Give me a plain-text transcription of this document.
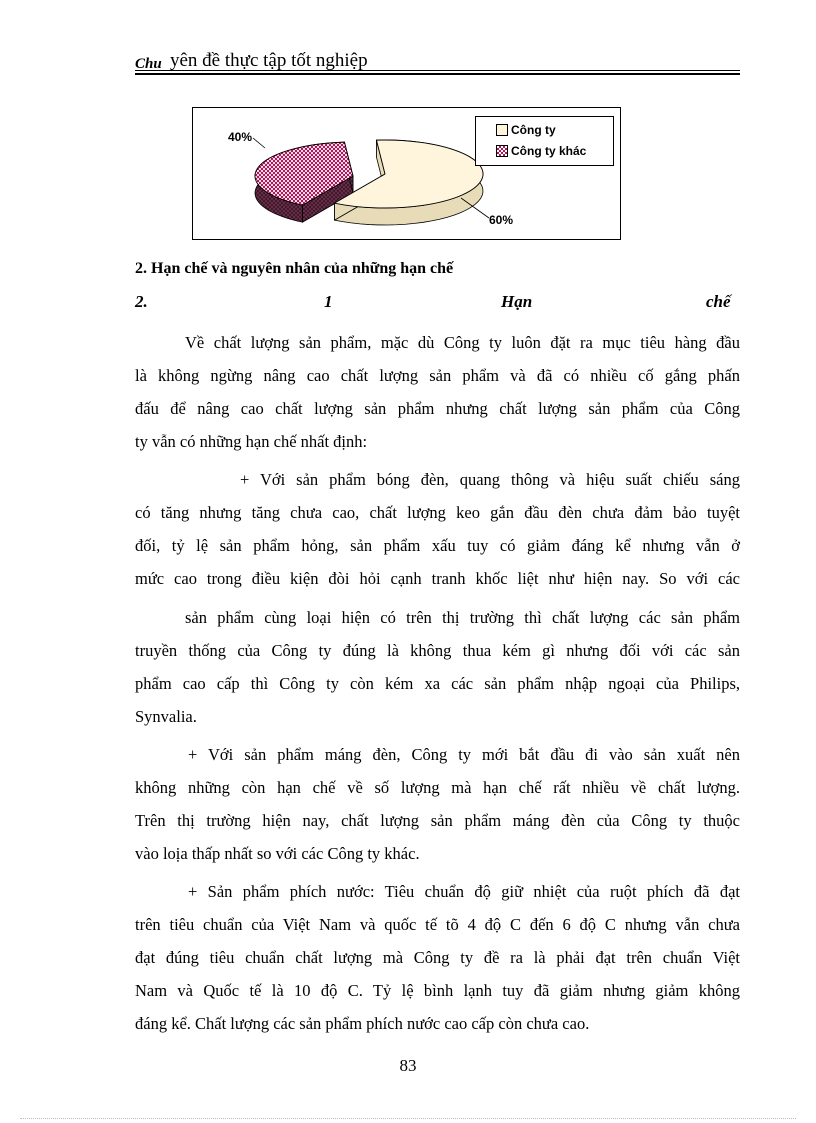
Chu yên đề thực tập tốt nghiệp
Công ty
Công ty khác
40%
60%
2. Hạn chế và nguyên nhân của những hạn chế
2.	1	Hạn	chế
Về chất lượng sản phẩm, mặc dù Công ty luôn đặt ra mục tiêu hàng đầu
là không ngừng nâng cao chất lượng sản phẩm và đã có nhiều cố gắng phấn
đấu để nâng cao chất lượng sản phẩm nhưng chất lượng sản phẩm của Công
ty vẫn có những hạn chế nhất định:
+ Với sản phẩm bóng đèn, quang thông và hiệu suất chiếu sáng
có tăng nhưng tăng chưa cao, chất lượng keo gắn đầu đèn chưa đảm bảo tuyệt
đối, tỷ lệ sản phẩm hỏng, sản phẩm xấu tuy có giảm đáng kể nhưng vẫn ở
mức cao trong điều kiện đòi hỏi cạnh tranh khốc liệt như hiện nay. So với các
sản phẩm cùng loại hiện có trên thị trường thì chất lượng các sản phẩm
truyền thống của Công ty đúng là không thua kém gì nhưng đối với các sản
phẩm cao cấp thì Công ty còn kém xa các sản phẩm nhập ngoại của Philips,
Synvalia.
+ Với sản phẩm máng đèn, Công ty mới bắt đầu đi vào sản xuất nên
không những còn hạn chế về số lượng mà hạn chế rất nhiều về chất lượng.
Trên thị trường hiện nay, chất lượng sản phẩm máng đèn của Công ty thuộc
vào loịa thấp nhất so với các Công ty khác.
+ Sản phẩm phích nước: Tiêu chuẩn độ giữ nhiệt của ruột phích đã đạt
trên tiêu chuẩn của Việt Nam và quốc tế tõ 4 độ C đến 6 độ C nhưng vẫn chưa
đạt đúng tiêu chuẩn chất lượng mà Công ty đề ra là phải đạt trên chuẩn Việt
Nam và Quốc tế là 10 độ C. Tỷ lệ bình lạnh tuy đã giảm nhưng giảm không
đáng kể. Chất lượng các sản phẩm phích nước cao cấp còn chưa cao.
83
